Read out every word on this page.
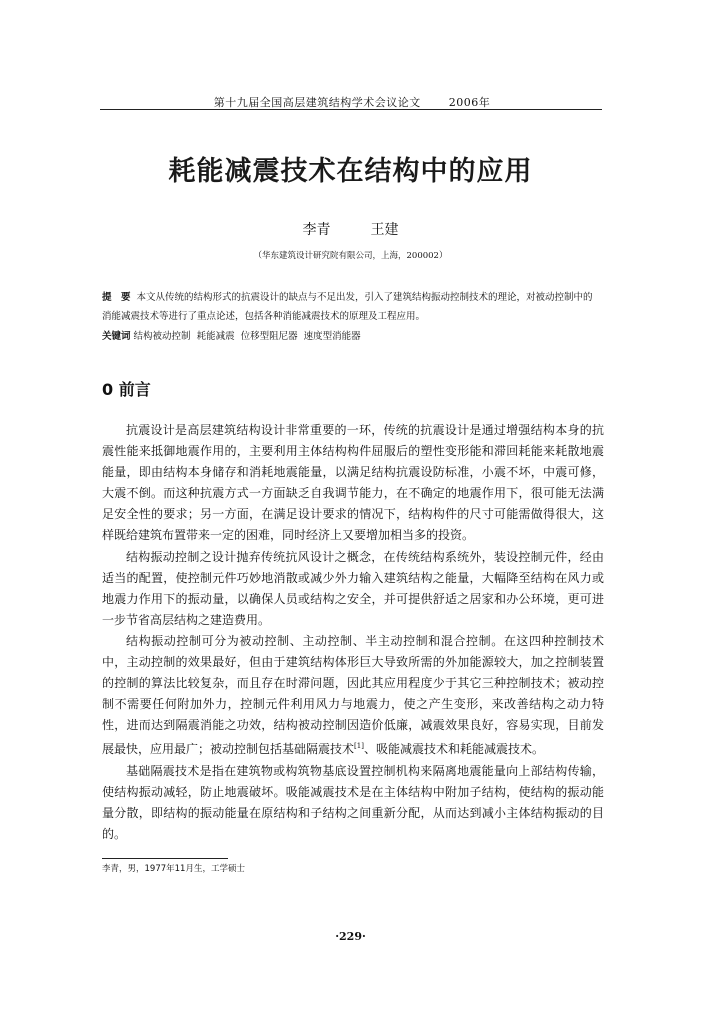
第十九届全国高层建筑结构学术会议论文	2006年
耗能减震技术在结构中的应用
李青	王建
（华东建筑设计研究院有限公司，上海，200002）
提　要 本文从传统的结构形式的抗震设计的缺点与不足出发，引入了建筑结构振动控制技术的理论，对被动控制中的消能减震技术等进行了重点论述，包括各种消能减震技术的原理及工程应用。
关键词 结构被动控制 耗能减震 位移型阻尼器 速度型消能器
0 前言

抗震设计是高层建筑结构设计非常重要的一环，传统的抗震设计是通过增强结构本身的抗震性能来抵御地震作用的，主要利用主体结构构件屈服后的塑性变形能和滞回耗能来耗散地震能量，即由结构本身储存和消耗地震能量，以满足结构抗震设防标准，小震不坏，中震可修，大震不倒。而这种抗震方式一方面缺乏自我调节能力，在不确定的地震作用下，很可能无法满足安全性的要求；另一方面，在满足设计要求的情况下，结构构件的尺寸可能需做得很大，这样既给建筑布置带来一定的困难，同时经济上又要增加相当多的投资。

结构振动控制之设计抛弃传统抗风设计之概念，在传统结构系统外，装设控制元件，经由适当的配置，使控制元件巧妙地消散或减少外力输入建筑结构之能量，大幅降至结构在风力或地震力作用下的振动量，以确保人员或结构之安全，并可提供舒适之居家和办公环境，更可进一步节省高层结构之建造费用。

结构振动控制可分为被动控制、主动控制、半主动控制和混合控制。在这四种控制技术中，主动控制的效果最好，但由于建筑结构体形巨大导致所需的外加能源较大，加之控制装置的控制的算法比较复杂，而且存在时滞问题，因此其应用程度少于其它三种控制技术；被动控制不需要任何附加外力，控制元件利用风力与地震力，使之产生变形，来改善结构之动力特性，进而达到隔震消能之功效，结构被动控制因造价低廉，减震效果良好，容易实现，目前发展最快，应用最广；被动控制包括基础隔震技术[1]、吸能减震技术和耗能减震技术。

基础隔震技术是指在建筑物或构筑物基底设置控制机构来隔离地震能量向上部结构传输，使结构振动减轻，防止地震破坏。吸能减震技术是在主体结构中附加子结构，使结构的振动能量分散，即结构的振动能量在原结构和子结构之间重新分配，从而达到减小主体结构振动的目的。

李青，男，1977年11月生，工学硕士
·229·
